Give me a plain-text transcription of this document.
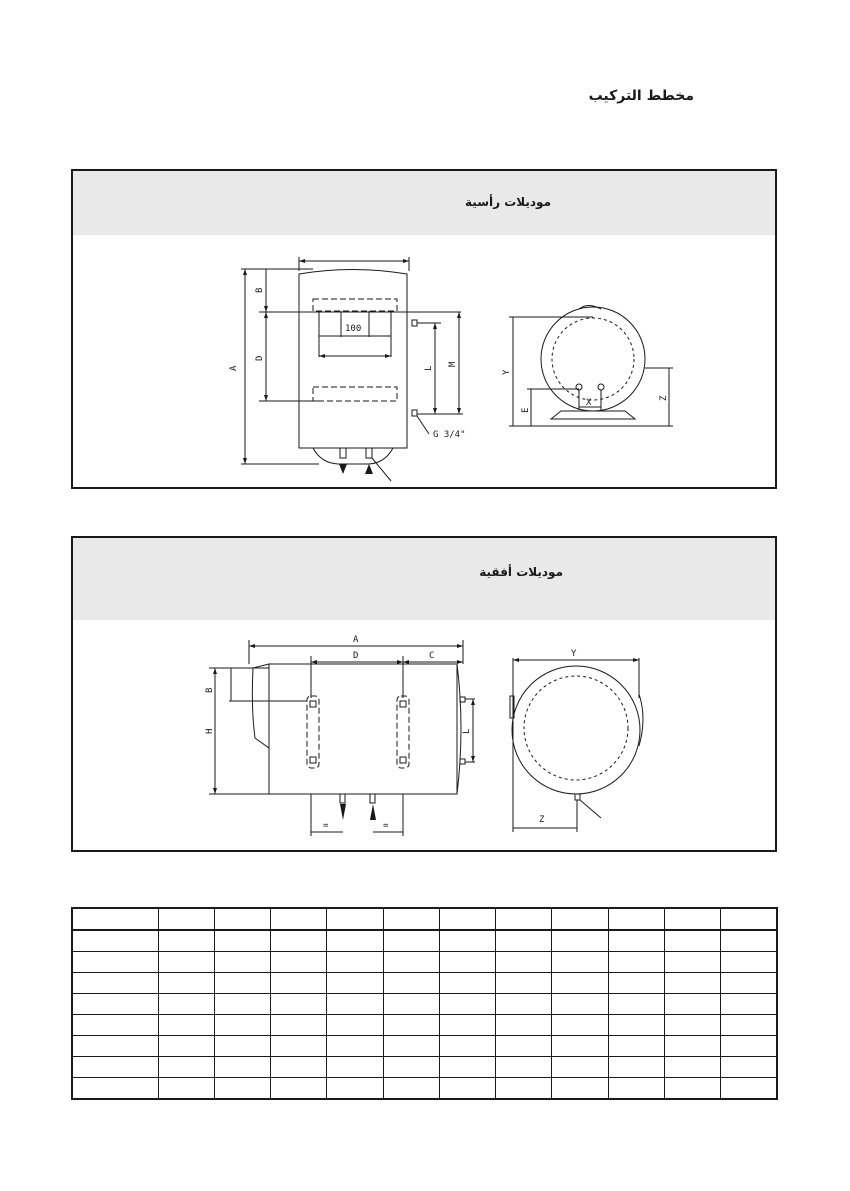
مخطط التركيب
موديلات رأسية
A
B
D
100
L
M
G 3/4"
Y
E
X	Z
موديلات أفقية
A
D	C
B
H	L
Y
Z
=	=
